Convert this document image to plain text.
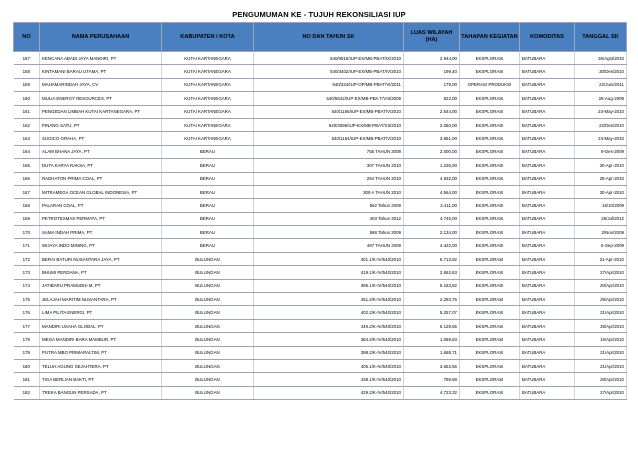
PENGUMUMAN KE - TUJUH REKONSILIASI IUP
NO	NAMA PERUSAHAAN	KABUPATEN / KOTA	NO DAN TAHUN SK	LUAS WILAYAH (HA)	TAHAPAN KEGIATAN	KOMODITAS	TANGGAL SK
157	KENCANA ABADI JAYA MANDIRI, PT	KUTAI KARTANEGARA	540/0815/IUP-EX/MB-PBAT/IX/2010	2.944,00	EKSPLORASI	BATUBARA	26/Agst/2010
158	KINTAMANI BARAU UTAMA, PT	KUTAI KARTANEGARA	540/3402/IUP-EX/MB-PBAT/IV/2010	199,40	EKSPLORASI	BATUBARA	30/Des/2010
159	MAHAMARINDAH JAYA, CV	KUTAI KARTANEGARA	540/324/IUP-OP/MB-PBAT/VI/2011	179,00	OPERASI PRODUKSI	BATUBARA	22/Juni/2011
160	MULIA ENERGY RESOURCES, PT	KUTAI KARTANEGARA	540/5642/IUP-EX/MB-PBA T/VIII/2009	822,00	EKSPLORASI	BATUBARA	26-Aug-2009
161	PENGEDAN LIMBAH KUTAI KARTANEGARA, PT	KUTAI KARTANEGARA	540/1166/IUP-EX/MB-PBAT/V/2010	2.644,00	EKSPLORASI	BATUBARA	24-May-2010
162	PINANG SATU, PT	KUTAI KARTANEGARA	540/3096/IUP-EX/MB-PBAT/XII/2010	2.060,00	EKSPLORASI	BATUBARA	22/Des/2010
163	SUGICO GRAHA, PT	KUTAI KARTANEGARA	540/1164/IUP-EX/MB-PBAT/V/2010	3.951,00	EKSPLORASI	BATUBARA	24-May-2010
164	ALAM BHANA JAYA, PT	BERAU	755 TAHUN 2009	2.000,00	EKSPLORASI	BATUBARA	9-Des-2009
165	DUTA KARYA RAKSA, PT	BERAU	307 TAHUN 2010	1.235,00	EKSPLORASI	BATUBARA	30-Apr-2010
166	RADHATON PRIMA COAL, PT	BERAU	264 TAHUN 2010	4.932,00	EKSPLORASI	BATUBARA	29-Apr-2010
167	MITRAMEGA OCEAN GLOBAL INDONESIA, PT	BERAU	309 A TAHUN 2010	4.564,00	EKSPLORASI	BATUBARA	30-Apr-2010
168	PALARAN COAL, PT	BERAU	562 Tahun 2009	2.411,00	EKSPLORASI	BATUBARA	15/10/2009
169	PETROTEXMAS PERMATA, PT	BERAU	403 Tahun 2012	4.745,00	EKSPLORASI	BATUBARA	26/Jul/2012
170	SAMA INDAH PRIMA, PT	BERAU	588 Tahun 2009	2.134,00	EKSPLORASI	BATUBARA	2/Nov/2009
171	WIJAYA INDO MINING, PT	BERAU	497 TAHUN 2009	4.422,00	EKSPLORASI	BATUBARA	6-Sep-2009
172	BERAI BATURI NUSANTARA JAYA, PT	BULUNGAN	401.1/K-IV/540/2010	6.713,92	EKSPLORASI	BATUBARA	21-Apr-2010
173	BHUMI PERDANA, PT	BULUNGAN	419.1/K-IV/540/2010	2.662,63	EKSPLORASI	BATUBARA	27/Apr/2010
174	JATIBARU PRAMUDHI M, PT	BULUNGAN	395.1/K-IV/540/2010	5.183,82	EKSPLORASI	BATUBARA	20/Apr/2010
175	JELAJAH MARITIM NUSANTARA, PT	BULUNGAN	451.2/K-IV/540/2010	2.293,76	EKSPLORASI	BATUBARA	29/Apr/2010
176	LIMA PILITA ENERGI, PT	BULUNGAN	402.2/K-IV/540/2010	5.257,07	EKSPLORASI	BATUBARA	21/Apr/2010
177	MANDIRI USAHA GLOBAL, PT	BULUNGAN	449.2/K-IV/540/2010	6.129,65	EKSPLORASI	BATUBARA	29/Apr/2010
178	MEGA MANDIRI BARA MAMBUR, PT	BULUNGAN	384.2/K-IV/540/2010	1.069,83	EKSPLORASI	BATUBARA	15/Apr/2010
179	PUTRA MBO PRIMARALTIM, PT	BULUNGAN	398.2/K-IV/540/2010	1.668,71	EKSPLORASI	BATUBARA	21/Apr/2010
180	TELUH AGUNG SEJAHTERA, PT	BULUNGAN	405.1/K-IV/540/2010	3.653,56	EKSPLORASI	BATUBARA	21/Apr/2010
181	TIGA BERLIAN BAKTI, PT	BULUNGAN	438.1/K-IV/540/2010	759,68	EKSPLORASI	BATUBARA	28/Apr/2010
182	TREKA BANGUN PERSADA, PT	BULUNGAN	429.2/K-IV/540/2010	4.723,32	EKSPLORASI	BATUBARA	27/Apr/2010
